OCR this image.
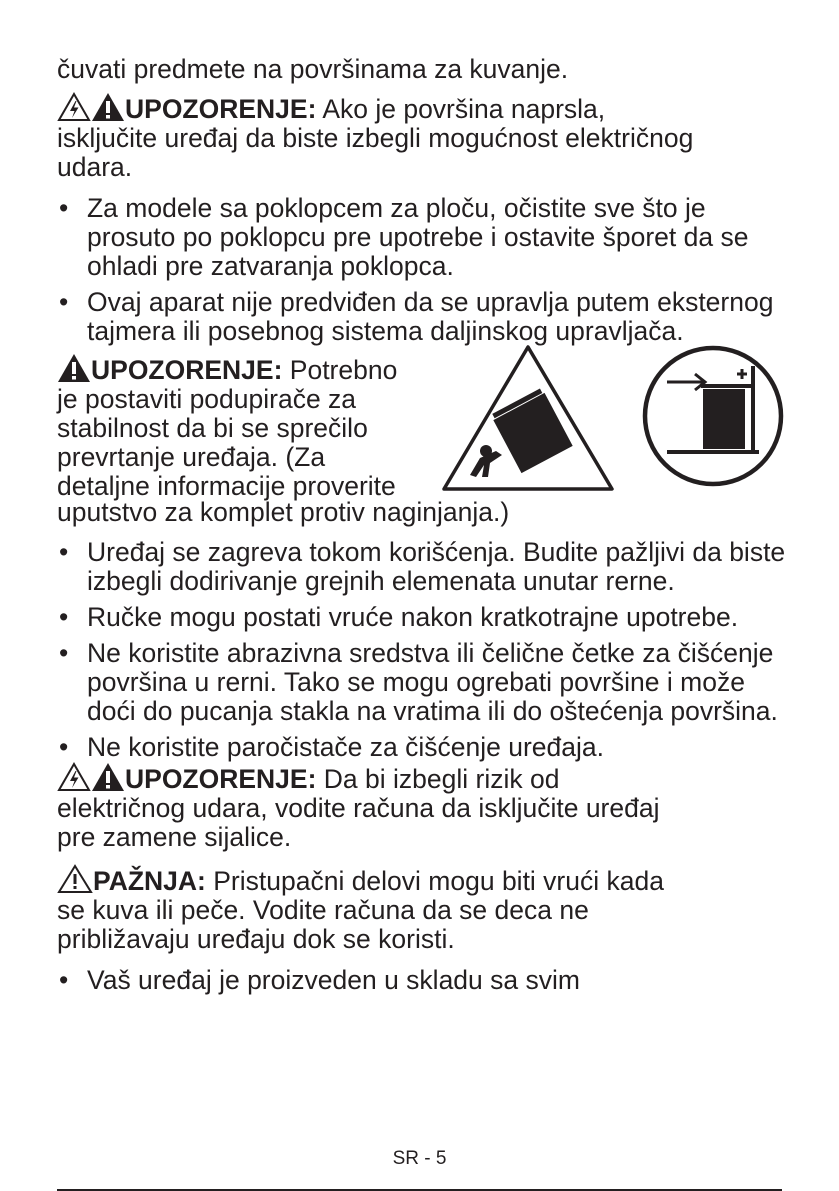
čuvati predmete na površinama za kuvanje.

UPOZORENJE: Ako je površina naprsla,
isključite uređaj da biste izbegli mogućnost električnog
udara.
• Za modele sa poklopcem za ploču, očistite sve što je prosuto po poklopcu pre upotrebe i ostavite šporet da se ohladi pre zatvaranja poklopca.
• Ovaj aparat nije predviđen da se upravlja putem eksternog tajmera ili posebnog sistema daljinskog upravljača.
UPOZORENJE: Potrebno
je postaviti podupirače za
stabilnost da bi se sprečilo
prevrtanje uređaja. (Za
detaljne informacije proverite
uputstvo za komplet protiv naginjanja.)
• Uređaj se zagreva tokom korišćenja. Budite pažljivi da biste izbegli dodirivanje grejnih elemenata unutar rerne.
• Ručke mogu postati vruće nakon kratkotrajne upotrebe.
• Ne koristite abrazivna sredstva ili čelične četke za čišćenje površina u rerni. Tako se mogu ogrebati površine i može doći do pucanja stakla na vratima ili do oštećenja površina.
• Ne koristite paročistače za čišćenje uređaja.
UPOZORENJE: Da bi izbegli rizik od
električnog udara, vodite računa da isključite uređaj
pre zamene sijalice.
PAŽNJA: Pristupačni delovi mogu biti vrući kada
se kuva ili peče. Vodite računa da se deca ne
približavaju uređaju dok se koristi.
• Vaš uređaj je proizveden u skladu sa svim
SR - 5
